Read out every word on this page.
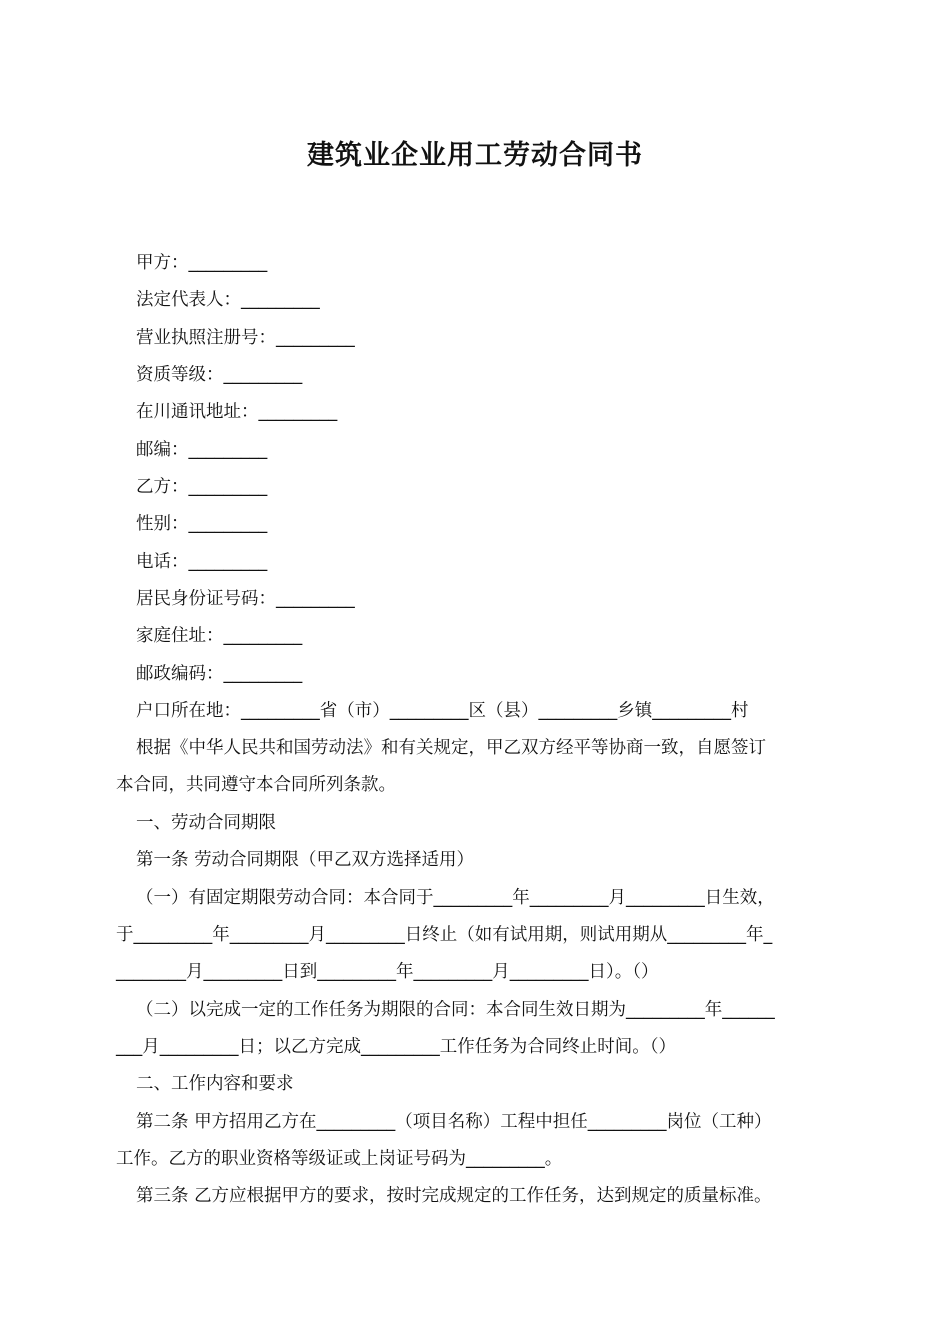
建筑业企业用工劳动合同书
甲方：_________
法定代表人：_________
营业执照注册号：_________
资质等级：_________
在川通讯地址：_________
邮编：_________
乙方：_________
性别：_________
电话：_________
居民身份证号码：_________
家庭住址：_________
邮政编码：_________
户口所在地：_________省（市）_________区（县）_________乡镇_________村
根据《中华人民共和国劳动法》和有关规定，甲乙双方经平等协商一致，自愿签订
本合同，共同遵守本合同所列条款。
一、劳动合同期限
第一条 劳动合同期限（甲乙双方选择适用）
（一）有固定期限劳动合同：本合同于_________年_________月_________日生效，
于_________年_________月_________日终止（如有试用期，则试用期从_________年_
________月_________日到_________年_________月_________日）。（）
（二）以完成一定的工作任务为期限的合同：本合同生效日期为_________年______
___月_________日；以乙方完成_________工作任务为合同终止时间。（）
二、工作内容和要求
第二条 甲方招用乙方在_________（项目名称）工程中担任_________岗位（工种）
工作。乙方的职业资格等级证或上岗证号码为_________。
第三条 乙方应根据甲方的要求，按时完成规定的工作任务，达到规定的质量标准。
